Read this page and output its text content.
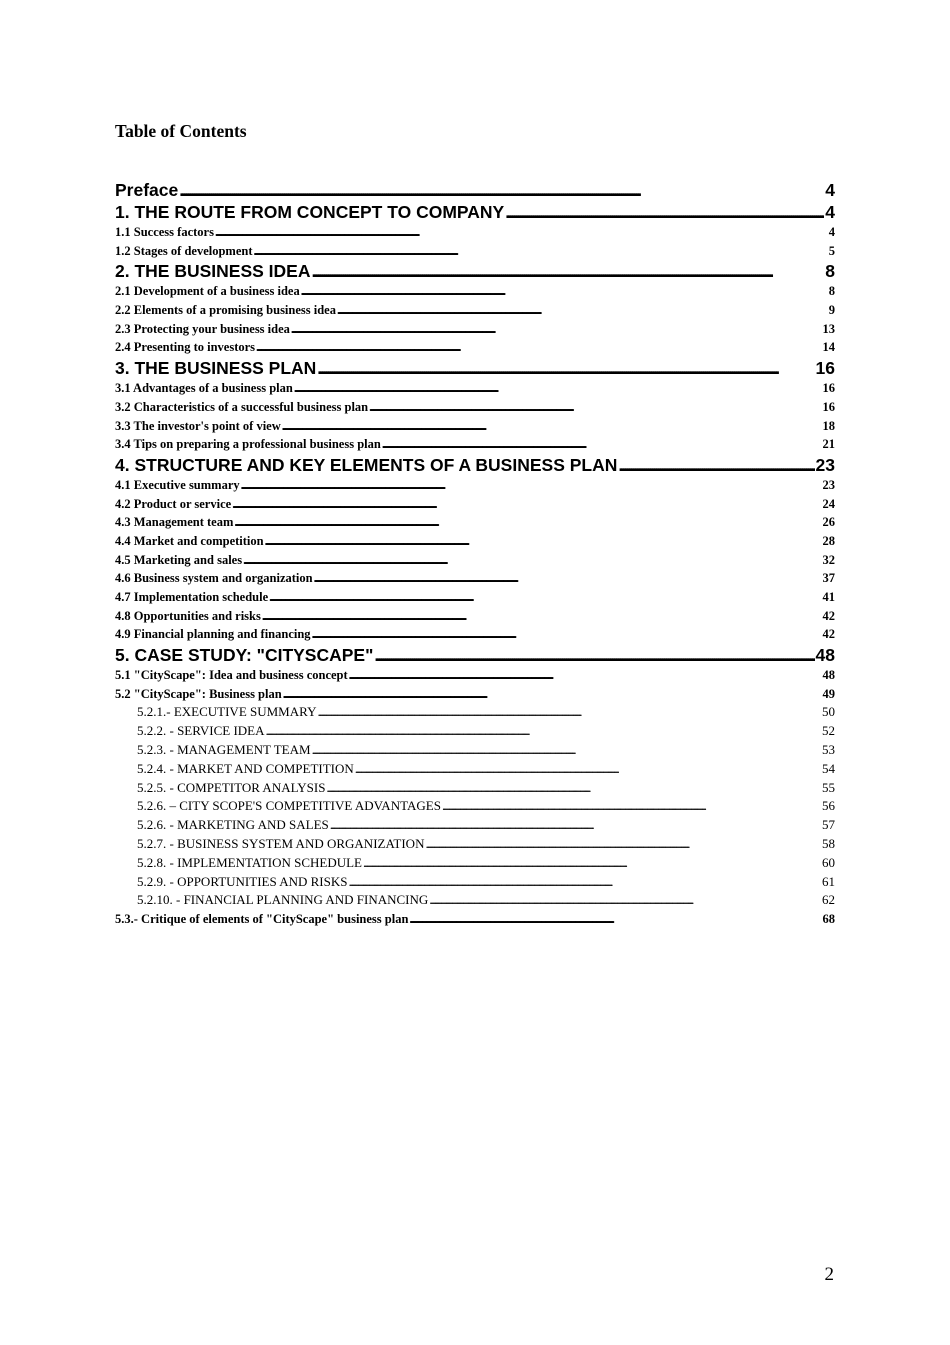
Table of Contents
Preface . . .	4
1. THE ROUTE FROM CONCEPT TO COMPANY . . .	4
1.1 Success factors . . .	4
1.2 Stages of development . . .	5
2. THE BUSINESS IDEA . . .	8
2.1 Development of a business idea . . .	8
2.2 Elements of a promising business idea . . .	9
2.3 Protecting your business idea . . .	13
2.4 Presenting to investors . . .	14
3. THE BUSINESS PLAN . . .	16
3.1 Advantages of a business plan . . .	16
3.2 Characteristics of a successful business plan . . .	16
3.3 The investor's point of view . . .	18
3.4 Tips on preparing a professional business plan . . .	21
4. STRUCTURE AND KEY ELEMENTS OF A BUSINESS PLAN . . .	23
4.1 Executive summary . . .	23
4.2 Product or service . . .	24
4.3 Management team . . .	26
4.4 Market and competition . . .	28
4.5 Marketing and sales . . .	32
4.6 Business system and organization . . .	37
4.7 Implementation schedule . . .	41
4.8 Opportunities and risks . . .	42
4.9 Financial planning and financing . . .	42
5. CASE STUDY: "CITYSCAPE" . . .	48
5.1 "CityScape": Idea and business concept . . .	48
5.2 "CityScape": Business plan . . .	49
5.2.1.- EXECUTIVE SUMMARY . . .	50
5.2.2. - SERVICE IDEA . . .	52
5.2.3. - MANAGEMENT TEAM . . .	53
5.2.4. - MARKET AND COMPETITION . . .	54
5.2.5. - COMPETITOR ANALYSIS . . .	55
5.2.6. – CITY SCOPE'S COMPETITIVE ADVANTAGES . . .	56
5.2.6. - MARKETING AND SALES . . .	57
5.2.7. - BUSINESS SYSTEM AND ORGANIZATION . . .	58
5.2.8. - IMPLEMENTATION SCHEDULE . . .	60
5.2.9. - OPPORTUNITIES AND RISKS . . .	61
5.2.10. - FINANCIAL PLANNING AND FINANCING . . .	62
5.3.- Critique of elements of "CityScape" business plan . . .	68
2
